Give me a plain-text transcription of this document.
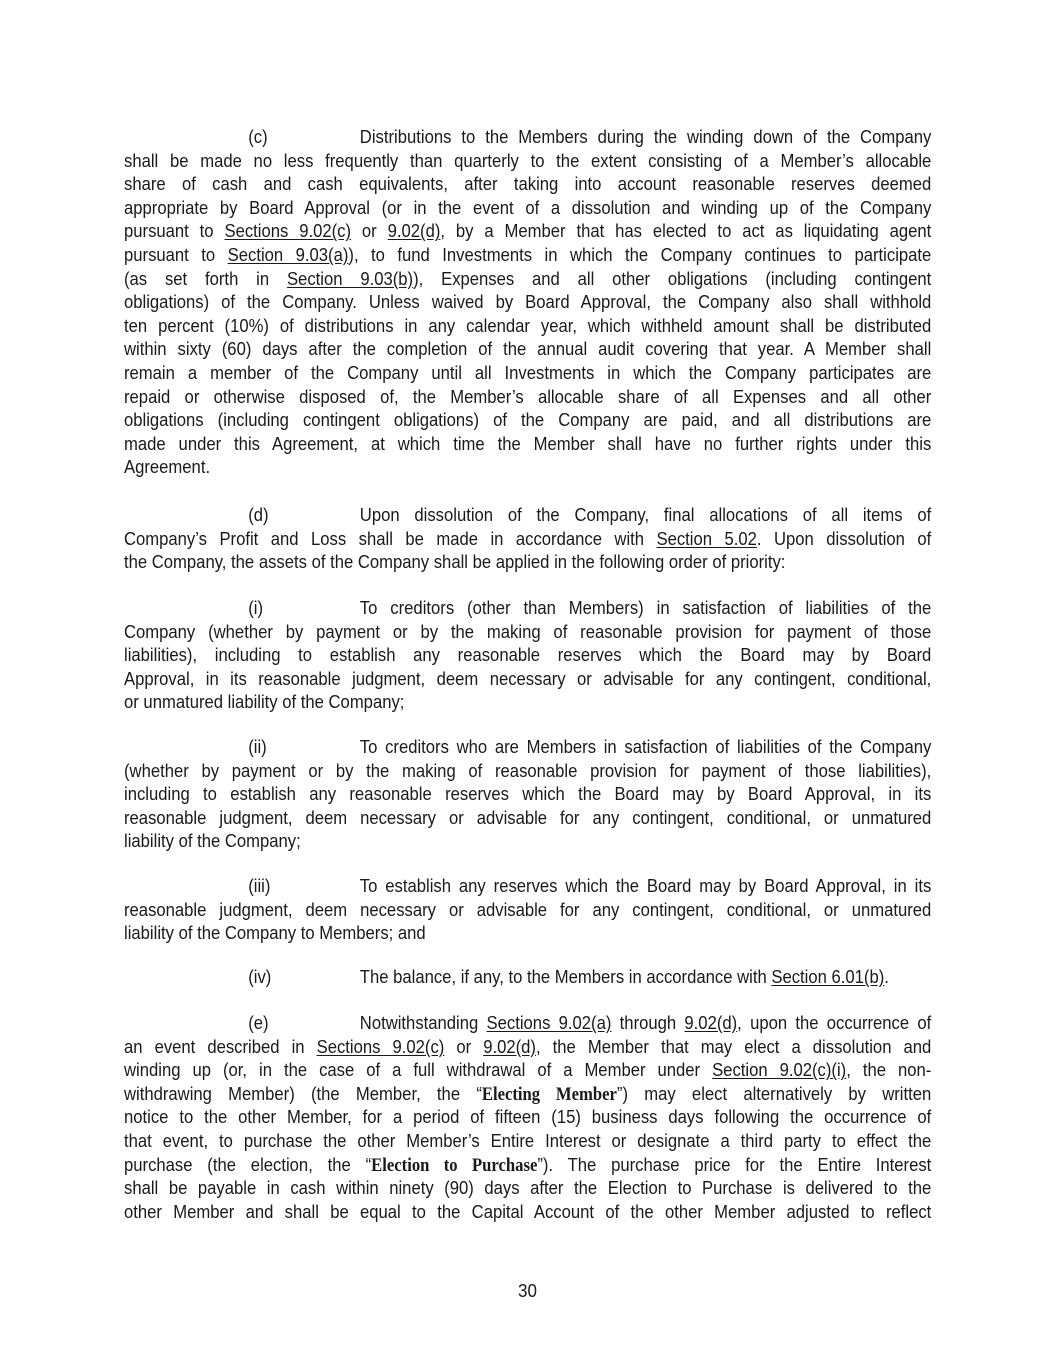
(c)	Distributions to the Members during the winding down of the Company
shall be made no less frequently than quarterly to the extent consisting of a Member’s allocable
share of cash and cash equivalents, after taking into account reasonable reserves deemed
appropriate by Board Approval (or in the event of a dissolution and winding up of the Company
pursuant to Sections 9.02(c) or 9.02(d), by a Member that has elected to act as liquidating agent
pursuant to Section 9.03(a)), to fund Investments in which the Company continues to participate
(as set forth in Section 9.03(b)), Expenses and all other obligations (including contingent
obligations) of the Company. Unless waived by Board Approval, the Company also shall withhold
ten percent (10%) of distributions in any calendar year, which withheld amount shall be distributed
within sixty (60) days after the completion of the annual audit covering that year. A Member shall
remain a member of the Company until all Investments in which the Company participates are
repaid or otherwise disposed of, the Member’s allocable share of all Expenses and all other
obligations (including contingent obligations) of the Company are paid, and all distributions are
made under this Agreement, at which time the Member shall have no further rights under this
Agreement.
(d)	Upon dissolution of the Company, final allocations of all items of
Company’s Profit and Loss shall be made in accordance with Section 5.02. Upon dissolution of
the Company, the assets of the Company shall be applied in the following order of priority:
(i)	To creditors (other than Members) in satisfaction of liabilities of the
Company (whether by payment or by the making of reasonable provision for payment of those
liabilities), including to establish any reasonable reserves which the Board may by Board
Approval, in its reasonable judgment, deem necessary or advisable for any contingent, conditional,
or unmatured liability of the Company;
(ii)	To creditors who are Members in satisfaction of liabilities of the Company
(whether by payment or by the making of reasonable provision for payment of those liabilities),
including to establish any reasonable reserves which the Board may by Board Approval, in its
reasonable judgment, deem necessary or advisable for any contingent, conditional, or unmatured
liability of the Company;
(iii)	To establish any reserves which the Board may by Board Approval, in its
reasonable judgment, deem necessary or advisable for any contingent, conditional, or unmatured
liability of the Company to Members; and
(iv)	The balance, if any, to the Members in accordance with Section 6.01(b).
(e)	Notwithstanding Sections 9.02(a) through 9.02(d), upon the occurrence of
an event described in Sections 9.02(c) or 9.02(d), the Member that may elect a dissolution and
winding up (or, in the case of a full withdrawal of a Member under Section 9.02(c)(i), the non-
withdrawing Member) (the Member, the “Electing Member”) may elect alternatively by written
notice to the other Member, for a period of fifteen (15) business days following the occurrence of
that event, to purchase the other Member’s Entire Interest or designate a third party to effect the
purchase (the election, the “Election to Purchase”). The purchase price for the Entire Interest
shall be payable in cash within ninety (90) days after the Election to Purchase is delivered to the
other Member and shall be equal to the Capital Account of the other Member adjusted to reflect
30
